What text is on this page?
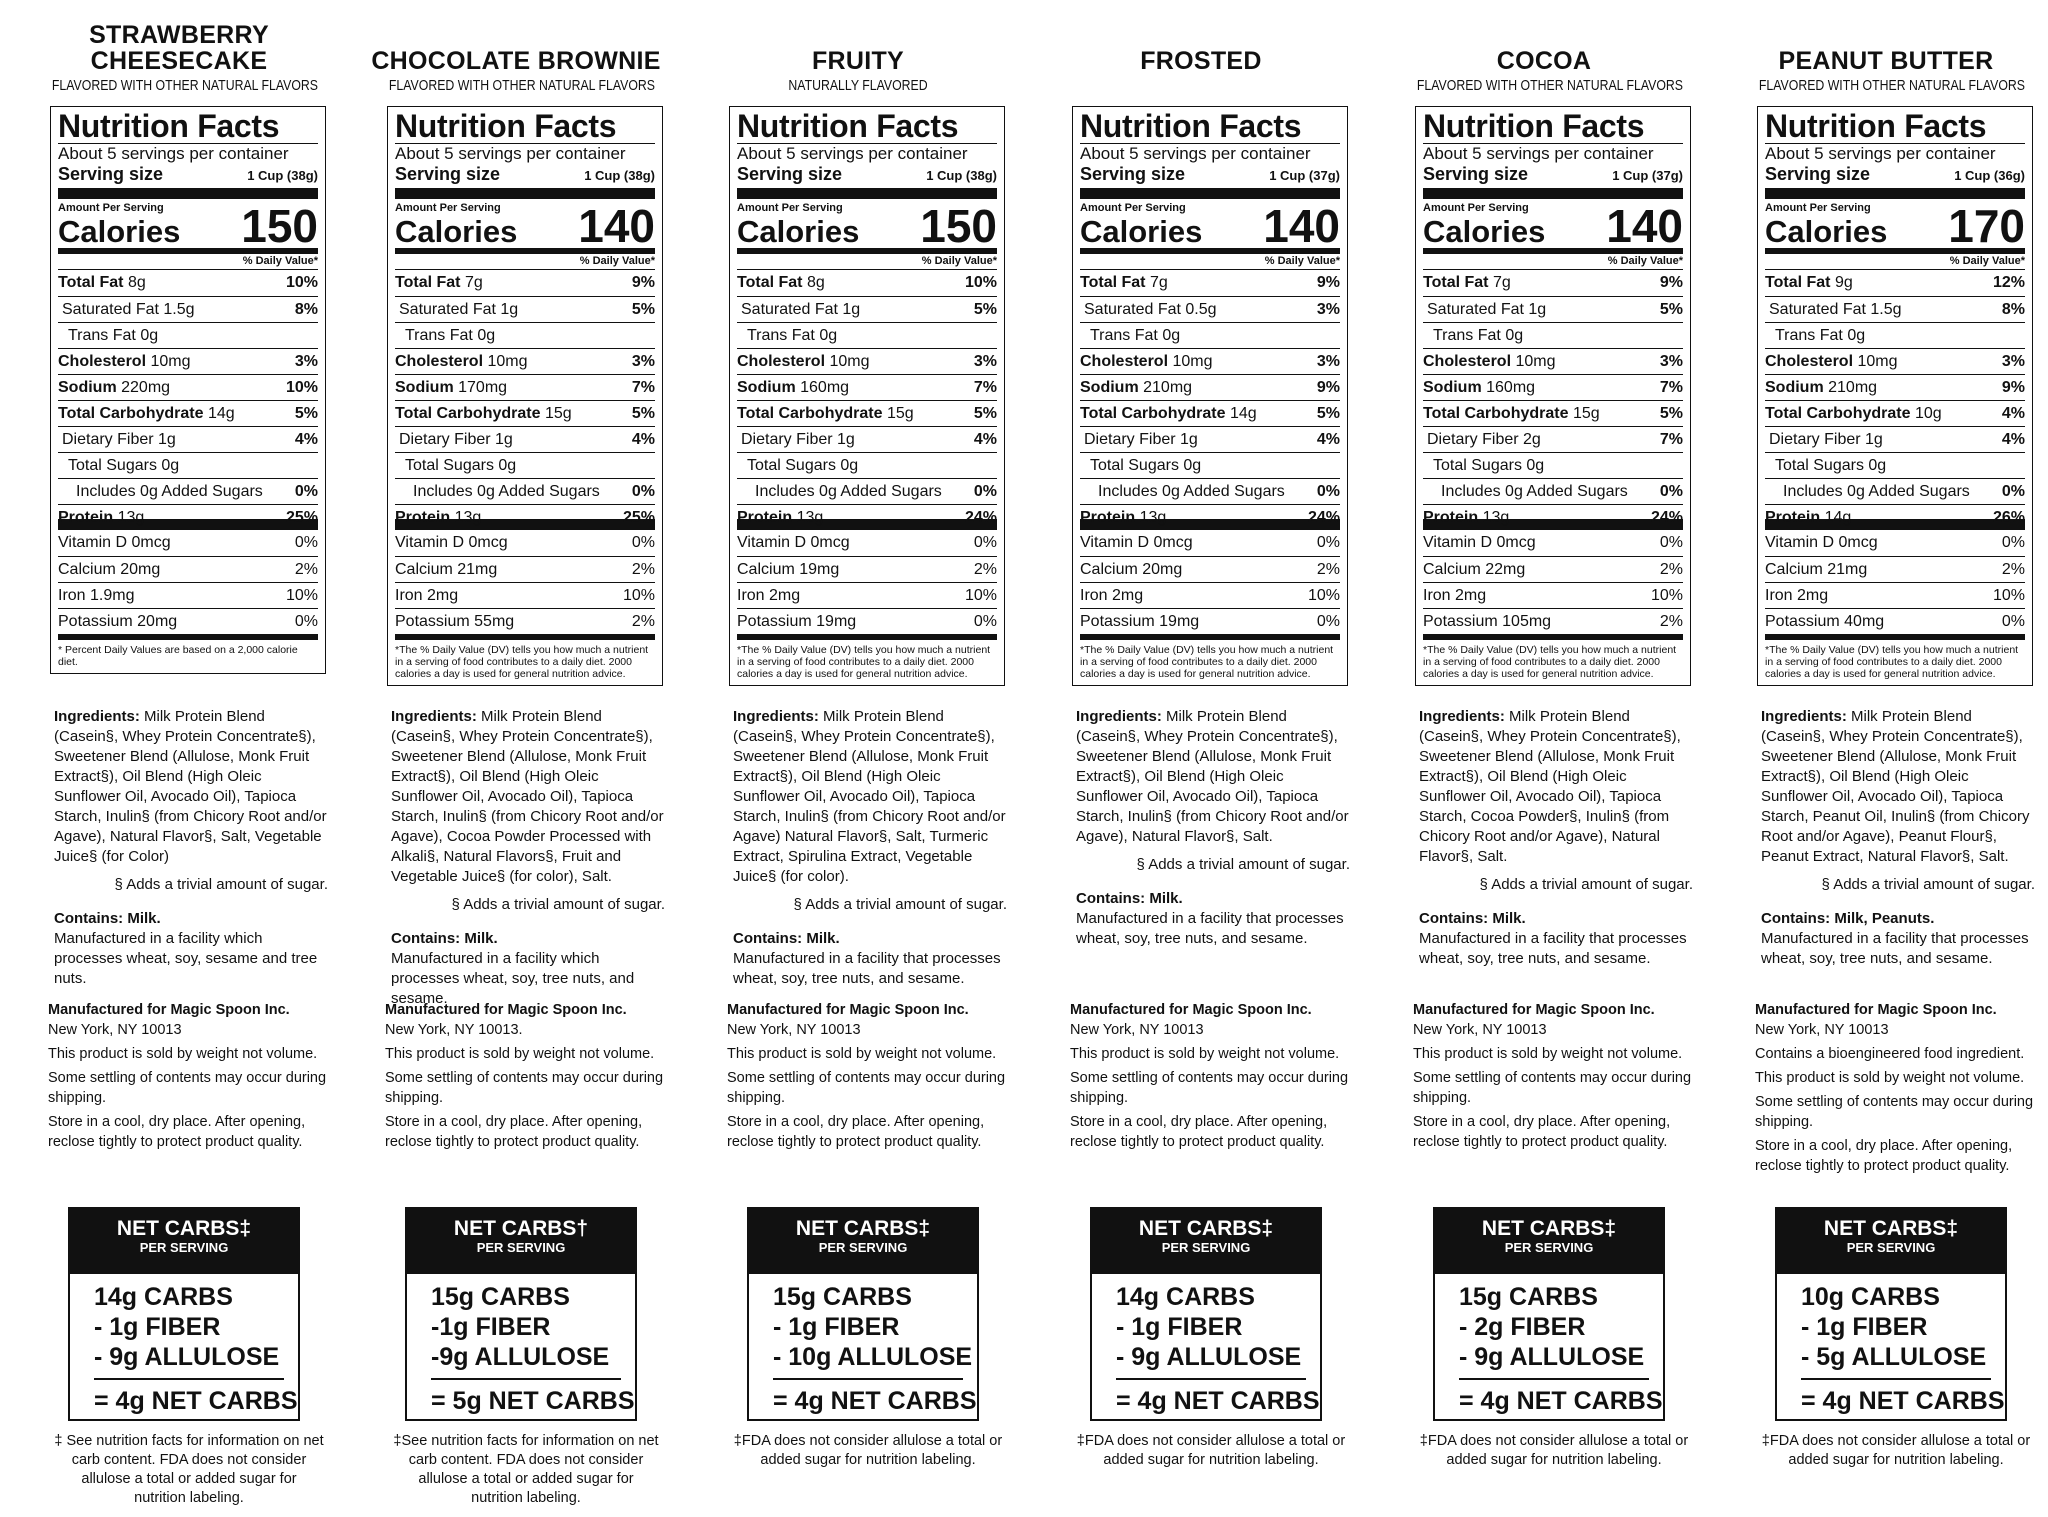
STRAWBERRY CHEESECAKE
FLAVORED WITH OTHER NATURAL FLAVORS
Nutrition Facts
About 5 servings per container
Serving size	1 Cup (38g)
Amount Per Serving
Calories 150
% Daily Value*
Total Fat 8g	10%
Saturated Fat 1.5g	8%
Trans Fat 0g
Cholesterol 10mg	3%
Sodium 220mg	10%
Total Carbohydrate 14g	5%
Dietary Fiber 1g	4%
Total Sugars 0g
Includes 0g Added Sugars 0%
Protein 13g	25%
Vitamin D 0mcg	0%
Calcium 20mg	2%
Iron 1.9mg	10%
Potassium 20mg	0%
* Percent Daily Values are based on a 2,000 calorie diet.
Ingredients: Milk Protein Blend (Casein§, Whey Protein Concentrate§), Sweetener Blend (Allulose, Monk Fruit Extract§), Oil Blend (High Oleic Sunflower Oil, Avocado Oil), Tapioca Starch, Inulin§ (from Chicory Root and/or Agave), Natural Flavor§, Salt, Vegetable Juice§ (for Color)
§ Adds a trivial amount of sugar.
Contains: Milk.
Manufactured in a facility which processes wheat, soy, sesame and tree nuts.
Manufactured for Magic Spoon Inc.

New York, NY 10013

This product is sold by weight not volume.

Some settling of contents may occur during shipping.

Store in a cool, dry place. After opening, reclose tightly to protect product quality.

NET CARBS‡
PER SERVING
14g CARBS
- 1g FIBER
- 9g ALLULOSE
= 4g NET CARBS
‡ See nutrition facts for information on net carb content. FDA does not consider allulose a total or added sugar for nutrition labeling.
CHOCOLATE BROWNIE
FLAVORED WITH OTHER NATURAL FLAVORS
Nutrition Facts
About 5 servings per container
Serving size	1 Cup (38g)
Amount Per Serving
Calories 140
% Daily Value*
Total Fat 7g	9%
Saturated Fat 1g	5%
Trans Fat 0g
Cholesterol 10mg	3%
Sodium 170mg	7%
Total Carbohydrate 15g	5%
Dietary Fiber 1g	4%
Total Sugars 0g
Includes 0g Added Sugars 0%
Protein 13g	25%
Vitamin D 0mcg	0%
Calcium 21mg	2%
Iron 2mg	10%
Potassium 55mg	2%
*The % Daily Value (DV) tells you how much a nutrient in a serving of food contributes to a daily diet. 2000 calories a day is used for general nutrition advice.
Ingredients: Milk Protein Blend (Casein§, Whey Protein Concentrate§), Sweetener Blend (Allulose, Monk Fruit Extract§), Oil Blend (High Oleic Sunflower Oil, Avocado Oil), Tapioca Starch, Inulin§ (from Chicory Root and/or Agave), Cocoa Powder Processed with Alkali§, Natural Flavors§, Fruit and Vegetable Juice§ (for color), Salt.
§ Adds a trivial amount of sugar.
Contains: Milk.
Manufactured in a facility which processes wheat, soy, tree nuts, and sesame.
Manufactured for Magic Spoon Inc.

New York, NY 10013.

This product is sold by weight not volume.

Some settling of contents may occur during shipping.

Store in a cool, dry place. After opening, reclose tightly to protect product quality.

NET CARBS†
PER SERVING
15g CARBS
-1g FIBER
-9g ALLULOSE
= 5g NET CARBS
‡See nutrition facts for information on net carb content. FDA does not consider allulose a total or added sugar for nutrition labeling.
FRUITY
NATURALLY FLAVORED
Nutrition Facts
About 5 servings per container
Serving size	1 Cup (38g)
Amount Per Serving
Calories 150
% Daily Value*
Total Fat 8g	10%
Saturated Fat 1g	5%
Trans Fat 0g
Cholesterol 10mg	3%
Sodium 160mg	7%
Total Carbohydrate 15g	5%
Dietary Fiber 1g	4%
Total Sugars 0g
Includes 0g Added Sugars 0%
Protein 13g	24%
Vitamin D 0mcg	0%
Calcium 19mg	2%
Iron 2mg	10%
Potassium 19mg	0%
*The % Daily Value (DV) tells you how much a nutrient in a serving of food contributes to a daily diet. 2000 calories a day is used for general nutrition advice.
Ingredients: Milk Protein Blend (Casein§, Whey Protein Concentrate§), Sweetener Blend (Allulose, Monk Fruit Extract§), Oil Blend (High Oleic Sunflower Oil, Avocado Oil), Tapioca Starch, Inulin§ (from Chicory Root and/or Agave) Natural Flavor§, Salt, Turmeric Extract, Spirulina Extract, Vegetable Juice§ (for color).
§ Adds a trivial amount of sugar.
Contains: Milk.
Manufactured in a facility that processes wheat, soy, tree nuts, and sesame.
Manufactured for Magic Spoon Inc.

New York, NY 10013

This product is sold by weight not volume.

Some settling of contents may occur during shipping.

Store in a cool, dry place. After opening, reclose tightly to protect product quality.

NET CARBS‡
PER SERVING
15g CARBS
- 1g FIBER
- 10g ALLULOSE
= 4g NET CARBS
‡FDA does not consider allulose a total or added sugar for nutrition labeling.
FROSTED
Nutrition Facts
About 5 servings per container
Serving size	1 Cup (37g)
Amount Per Serving
Calories 140
% Daily Value*
Total Fat 7g	9%
Saturated Fat 0.5g	3%
Trans Fat 0g
Cholesterol 10mg	3%
Sodium 210mg	9%
Total Carbohydrate 14g	5%
Dietary Fiber 1g	4%
Total Sugars 0g
Includes 0g Added Sugars 0%
Protein 13g	24%
Vitamin D 0mcg	0%
Calcium 20mg	2%
Iron 2mg	10%
Potassium 19mg	0%
*The % Daily Value (DV) tells you how much a nutrient in a serving of food contributes to a daily diet. 2000 calories a day is used for general nutrition advice.
Ingredients: Milk Protein Blend (Casein§, Whey Protein Concentrate§), Sweetener Blend (Allulose, Monk Fruit Extract§), Oil Blend (High Oleic Sunflower Oil, Avocado Oil), Tapioca Starch, Inulin§ (from Chicory Root and/or Agave), Natural Flavor§, Salt.
§ Adds a trivial amount of sugar.
Contains: Milk.
Manufactured in a facility that processes wheat, soy, tree nuts, and sesame.
Manufactured for Magic Spoon Inc.

New York, NY 10013

This product is sold by weight not volume.

Some settling of contents may occur during shipping.

Store in a cool, dry place. After opening, reclose tightly to protect product quality.

NET CARBS‡
PER SERVING
14g CARBS
- 1g FIBER
- 9g ALLULOSE
= 4g NET CARBS
‡FDA does not consider allulose a total or added sugar for nutrition labeling.
COCOA
FLAVORED WITH OTHER NATURAL FLAVORS
Nutrition Facts
About 5 servings per container
Serving size	1 Cup (37g)
Amount Per Serving
Calories 140
% Daily Value*
Total Fat 7g	9%
Saturated Fat 1g	5%
Trans Fat 0g
Cholesterol 10mg	3%
Sodium 160mg	7%
Total Carbohydrate 15g	5%
Dietary Fiber 2g	7%
Total Sugars 0g
Includes 0g Added Sugars 0%
Protein 13g	24%
Vitamin D 0mcg	0%
Calcium 22mg	2%
Iron 2mg	10%
Potassium 105mg	2%
*The % Daily Value (DV) tells you how much a nutrient in a serving of food contributes to a daily diet. 2000 calories a day is used for general nutrition advice.
Ingredients: Milk Protein Blend (Casein§, Whey Protein Concentrate§), Sweetener Blend (Allulose, Monk Fruit Extract§), Oil Blend (High Oleic Sunflower Oil, Avocado Oil), Tapioca Starch, Cocoa Powder§, Inulin§ (from Chicory Root and/or Agave), Natural Flavor§, Salt.
§ Adds a trivial amount of sugar.
Contains: Milk.
Manufactured in a facility that processes wheat, soy, tree nuts, and sesame.
Manufactured for Magic Spoon Inc.

New York, NY 10013

This product is sold by weight not volume.

Some settling of contents may occur during shipping.

Store in a cool, dry place. After opening, reclose tightly to protect product quality.

NET CARBS‡
PER SERVING
15g CARBS
- 2g FIBER
- 9g ALLULOSE
= 4g NET CARBS
‡FDA does not consider allulose a total or added sugar for nutrition labeling.
PEANUT BUTTER
FLAVORED WITH OTHER NATURAL FLAVORS
Nutrition Facts
About 5 servings per container
Serving size	1 Cup (36g)
Amount Per Serving
Calories 170
% Daily Value*
Total Fat 9g	12%
Saturated Fat 1.5g	8%
Trans Fat 0g
Cholesterol 10mg	3%
Sodium 210mg	9%
Total Carbohydrate 10g	4%
Dietary Fiber 1g	4%
Total Sugars 0g
Includes 0g Added Sugars 0%
Protein 14g	26%
Vitamin D 0mcg	0%
Calcium 21mg	2%
Iron 2mg	10%
Potassium 40mg	0%
*The % Daily Value (DV) tells you how much a nutrient in a serving of food contributes to a daily diet. 2000 calories a day is used for general nutrition advice.
Ingredients: Milk Protein Blend (Casein§, Whey Protein Concentrate§), Sweetener Blend (Allulose, Monk Fruit Extract§), Oil Blend (High Oleic Sunflower Oil, Avocado Oil), Tapioca Starch, Peanut Oil, Inulin§ (from Chicory Root and/or Agave), Peanut Flour§, Peanut Extract, Natural Flavor§, Salt.
§ Adds a trivial amount of sugar.
Contains: Milk, Peanuts.
Manufactured in a facility that processes wheat, soy, tree nuts, and sesame.
Manufactured for Magic Spoon Inc.

New York, NY 10013

Contains a bioengineered food ingredient.

This product is sold by weight not volume.

Some settling of contents may occur during shipping.

Store in a cool, dry place. After opening, reclose tightly to protect product quality.

NET CARBS‡
PER SERVING
10g CARBS
- 1g FIBER
- 5g ALLULOSE
= 4g NET CARBS
‡FDA does not consider allulose a total or added sugar for nutrition labeling.
